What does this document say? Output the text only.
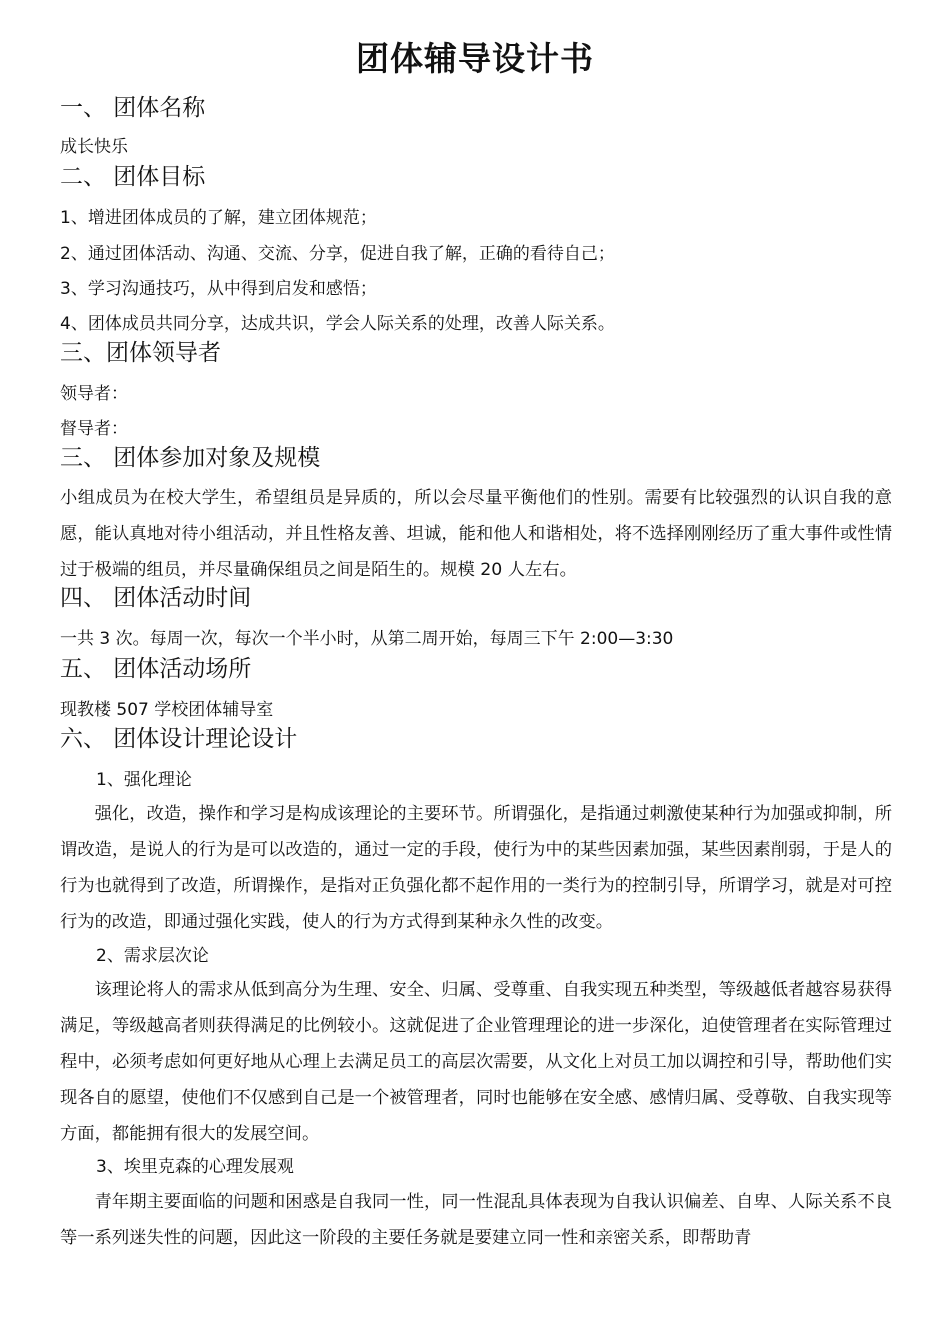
团体辅导设计书
一、 团体名称
成长快乐
二、 团体目标
1、增进团体成员的了解，建立团体规范；
2、通过团体活动、沟通、交流、分享，促进自我了解，正确的看待自己；
3、学习沟通技巧，从中得到启发和感悟；
4、团体成员共同分享，达成共识，学会人际关系的处理，改善人际关系。
三、团体领导者
领导者：
督导者：
三、 团体参加对象及规模
小组成员为在校大学生，希望组员是异质的，所以会尽量平衡他们的性别。需要有比较强烈的认识自我的意愿，能认真地对待小组活动，并且性格友善、坦诚，能和他人和谐相处，将不选择刚刚经历了重大事件或性情过于极端的组员，并尽量确保组员之间是陌生的。规模 20 人左右。
四、 团体活动时间
一共 3 次。每周一次，每次一个半小时，从第二周开始，每周三下午 2:00—3:30
五、 团体活动场所
现教楼 507 学校团体辅导室
六、 团体设计理论设计
1、强化理论
强化，改造，操作和学习是构成该理论的主要环节。所谓强化，是指通过刺激使某种行为加强或抑制，所谓改造，是说人的行为是可以改造的，通过一定的手段，使行为中的某些因素加强，某些因素削弱，于是人的行为也就得到了改造，所谓操作，是指对正负强化都不起作用的一类行为的控制引导，所谓学习，就是对可控行为的改造，即通过强化实践，使人的行为方式得到某种永久性的改变。
2、需求层次论
该理论将人的需求从低到高分为生理、安全、归属、受尊重、自我实现五种类型，等级越低者越容易获得满足，等级越高者则获得满足的比例较小。这就促进了企业管理理论的进一步深化，迫使管理者在实际管理过程中，必须考虑如何更好地从心理上去满足员工的高层次需要，从文化上对员工加以调控和引导，帮助他们实现各自的愿望，使他们不仅感到自己是一个被管理者，同时也能够在安全感、感情归属、受尊敬、自我实现等方面，都能拥有很大的发展空间。
3、埃里克森的心理发展观
青年期主要面临的问题和困惑是自我同一性，同一性混乱具体表现为自我认识偏差、自卑、人际关系不良等一系列迷失性的问题，因此这一阶段的主要任务就是要建立同一性和亲密关系，即帮助青
